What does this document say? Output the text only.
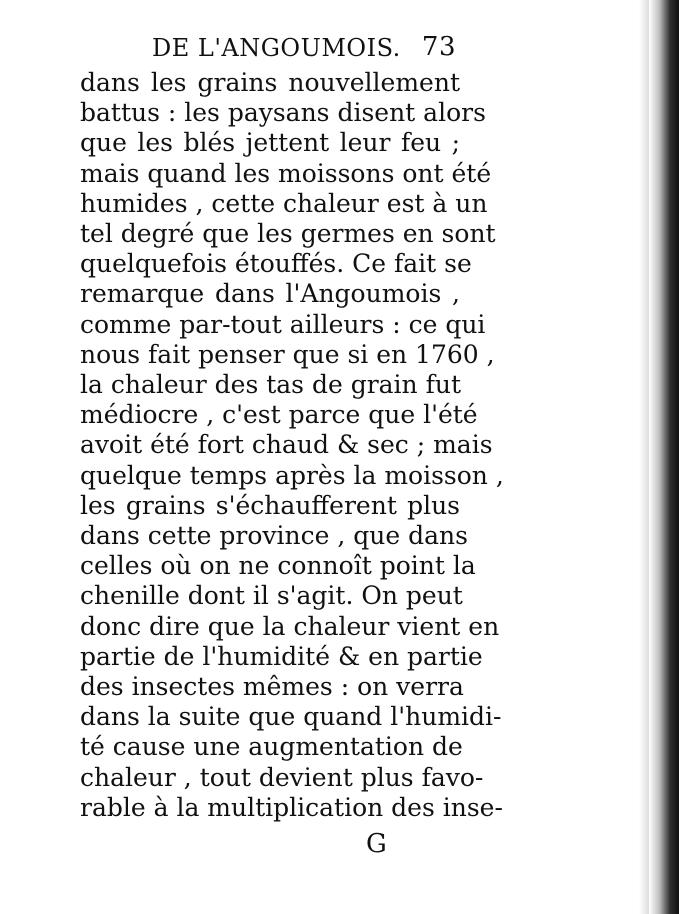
DE L'ANGOUMOIS. 73
dans les grains nouvellement
battus : les paysans disent alors
que les blés jettent leur feu ;
mais quand les moissons ont été
humides , cette chaleur est à un
tel degré que les germes en sont
quelquefois étouffés. Ce fait se
remarque dans l'Angoumois ,
comme par-tout ailleurs : ce qui
nous fait penser que si en 1760 ,
la chaleur des tas de grain fut
médiocre , c'est parce que l'été
avoit été fort chaud & sec ; mais
quelque temps après la moisson ,
les grains s'échaufferent plus
dans cette province , que dans
celles où on ne connoît point la
chenille dont il s'agit. On peut
donc dire que la chaleur vient en
partie de l'humidité & en partie
des insectes mêmes : on verra
dans la suite que quand l'humidi-
té cause une augmentation de
chaleur , tout devient plus favo-
rable à la multiplication des inse-
G
